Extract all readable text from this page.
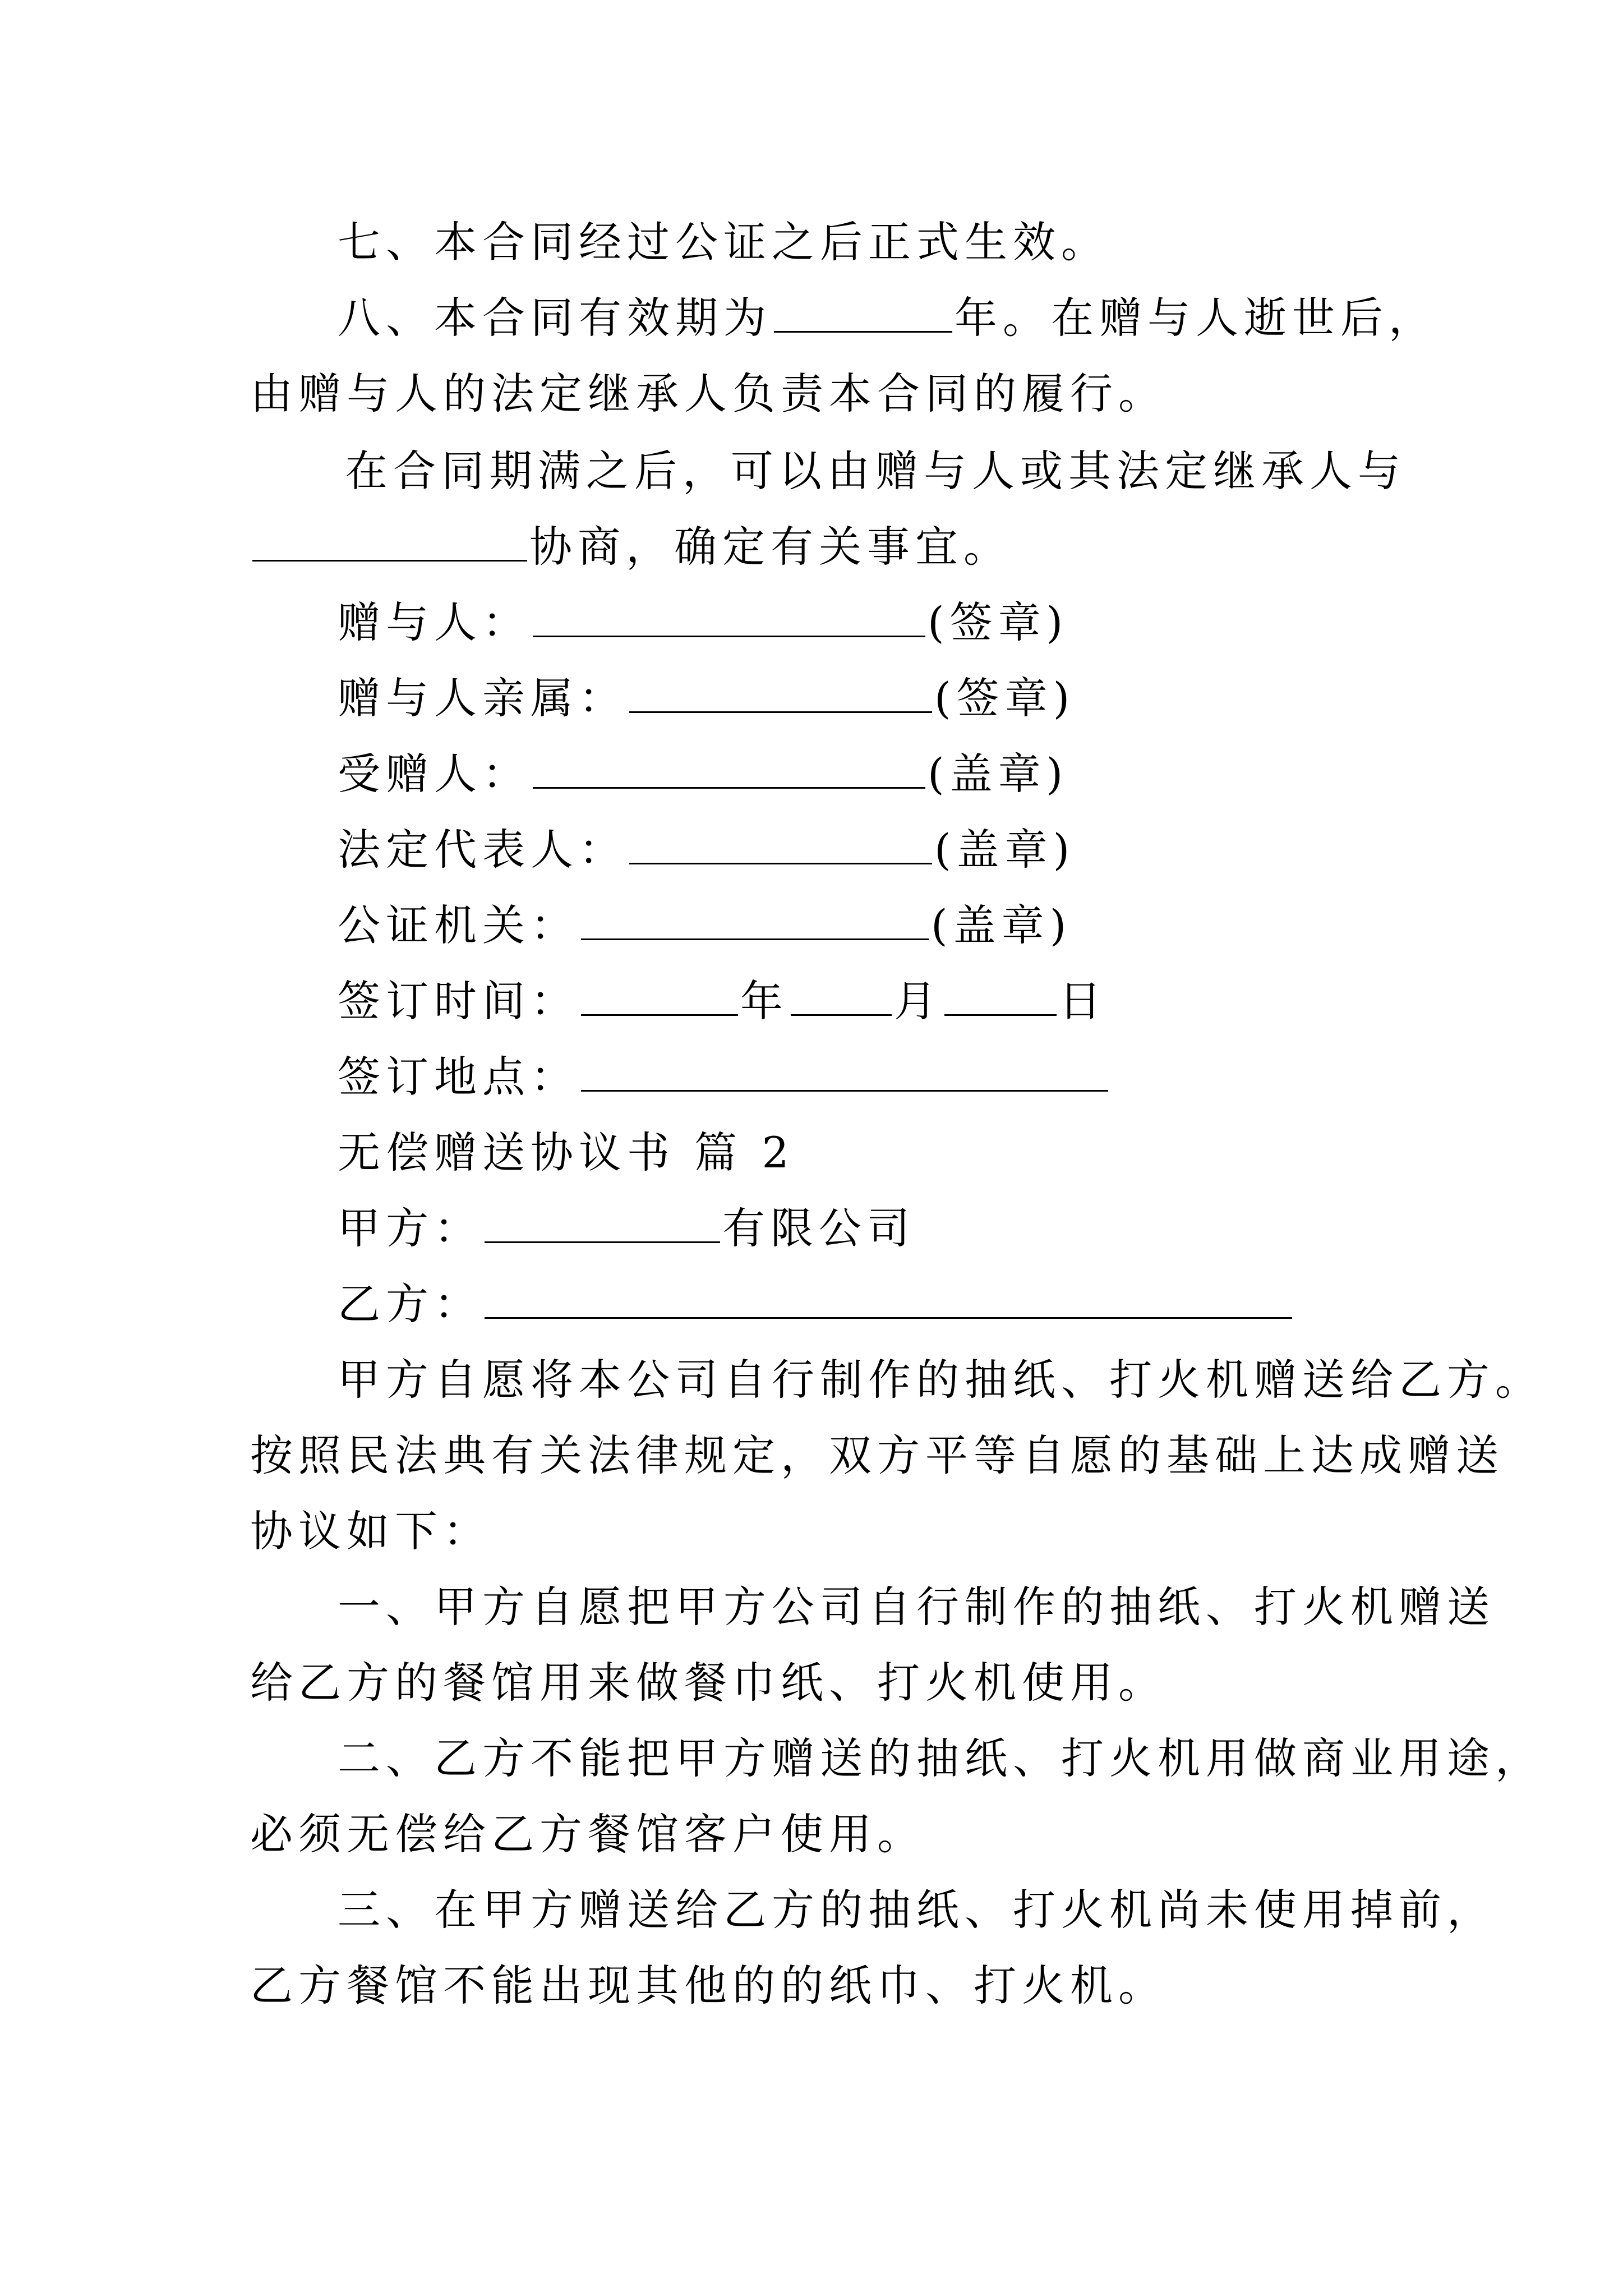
七、本合同经过公证之后正式生效。
八、本合同有效期为	年。在赠与人逝世后，
由赠与人的法定继承人负责本合同的履行。
在合同期满之后，可以由赠与人或其法定继承人与
协商，确定有关事宜。
赠与人：	(签章)
赠与人亲属：	(签章)
受赠人：	(盖章)
法定代表人：	(盖章)
公证机关：	(盖章)
签订时间：	年 月	日
签订地点：
无偿赠送协议书 篇 2
甲方：	有限公司
乙方：
甲方自愿将本公司自行制作的抽纸、打火机赠送给乙方。
按照民法典有关法律规定，双方平等自愿的基础上达成赠送
协议如下：
一、甲方自愿把甲方公司自行制作的抽纸、打火机赠送
给乙方的餐馆用来做餐巾纸、打火机使用。
二、乙方不能把甲方赠送的抽纸、打火机用做商业用途，
必须无偿给乙方餐馆客户使用。
三、在甲方赠送给乙方的抽纸、打火机尚未使用掉前，
乙方餐馆不能出现其他的的纸巾、打火机。
